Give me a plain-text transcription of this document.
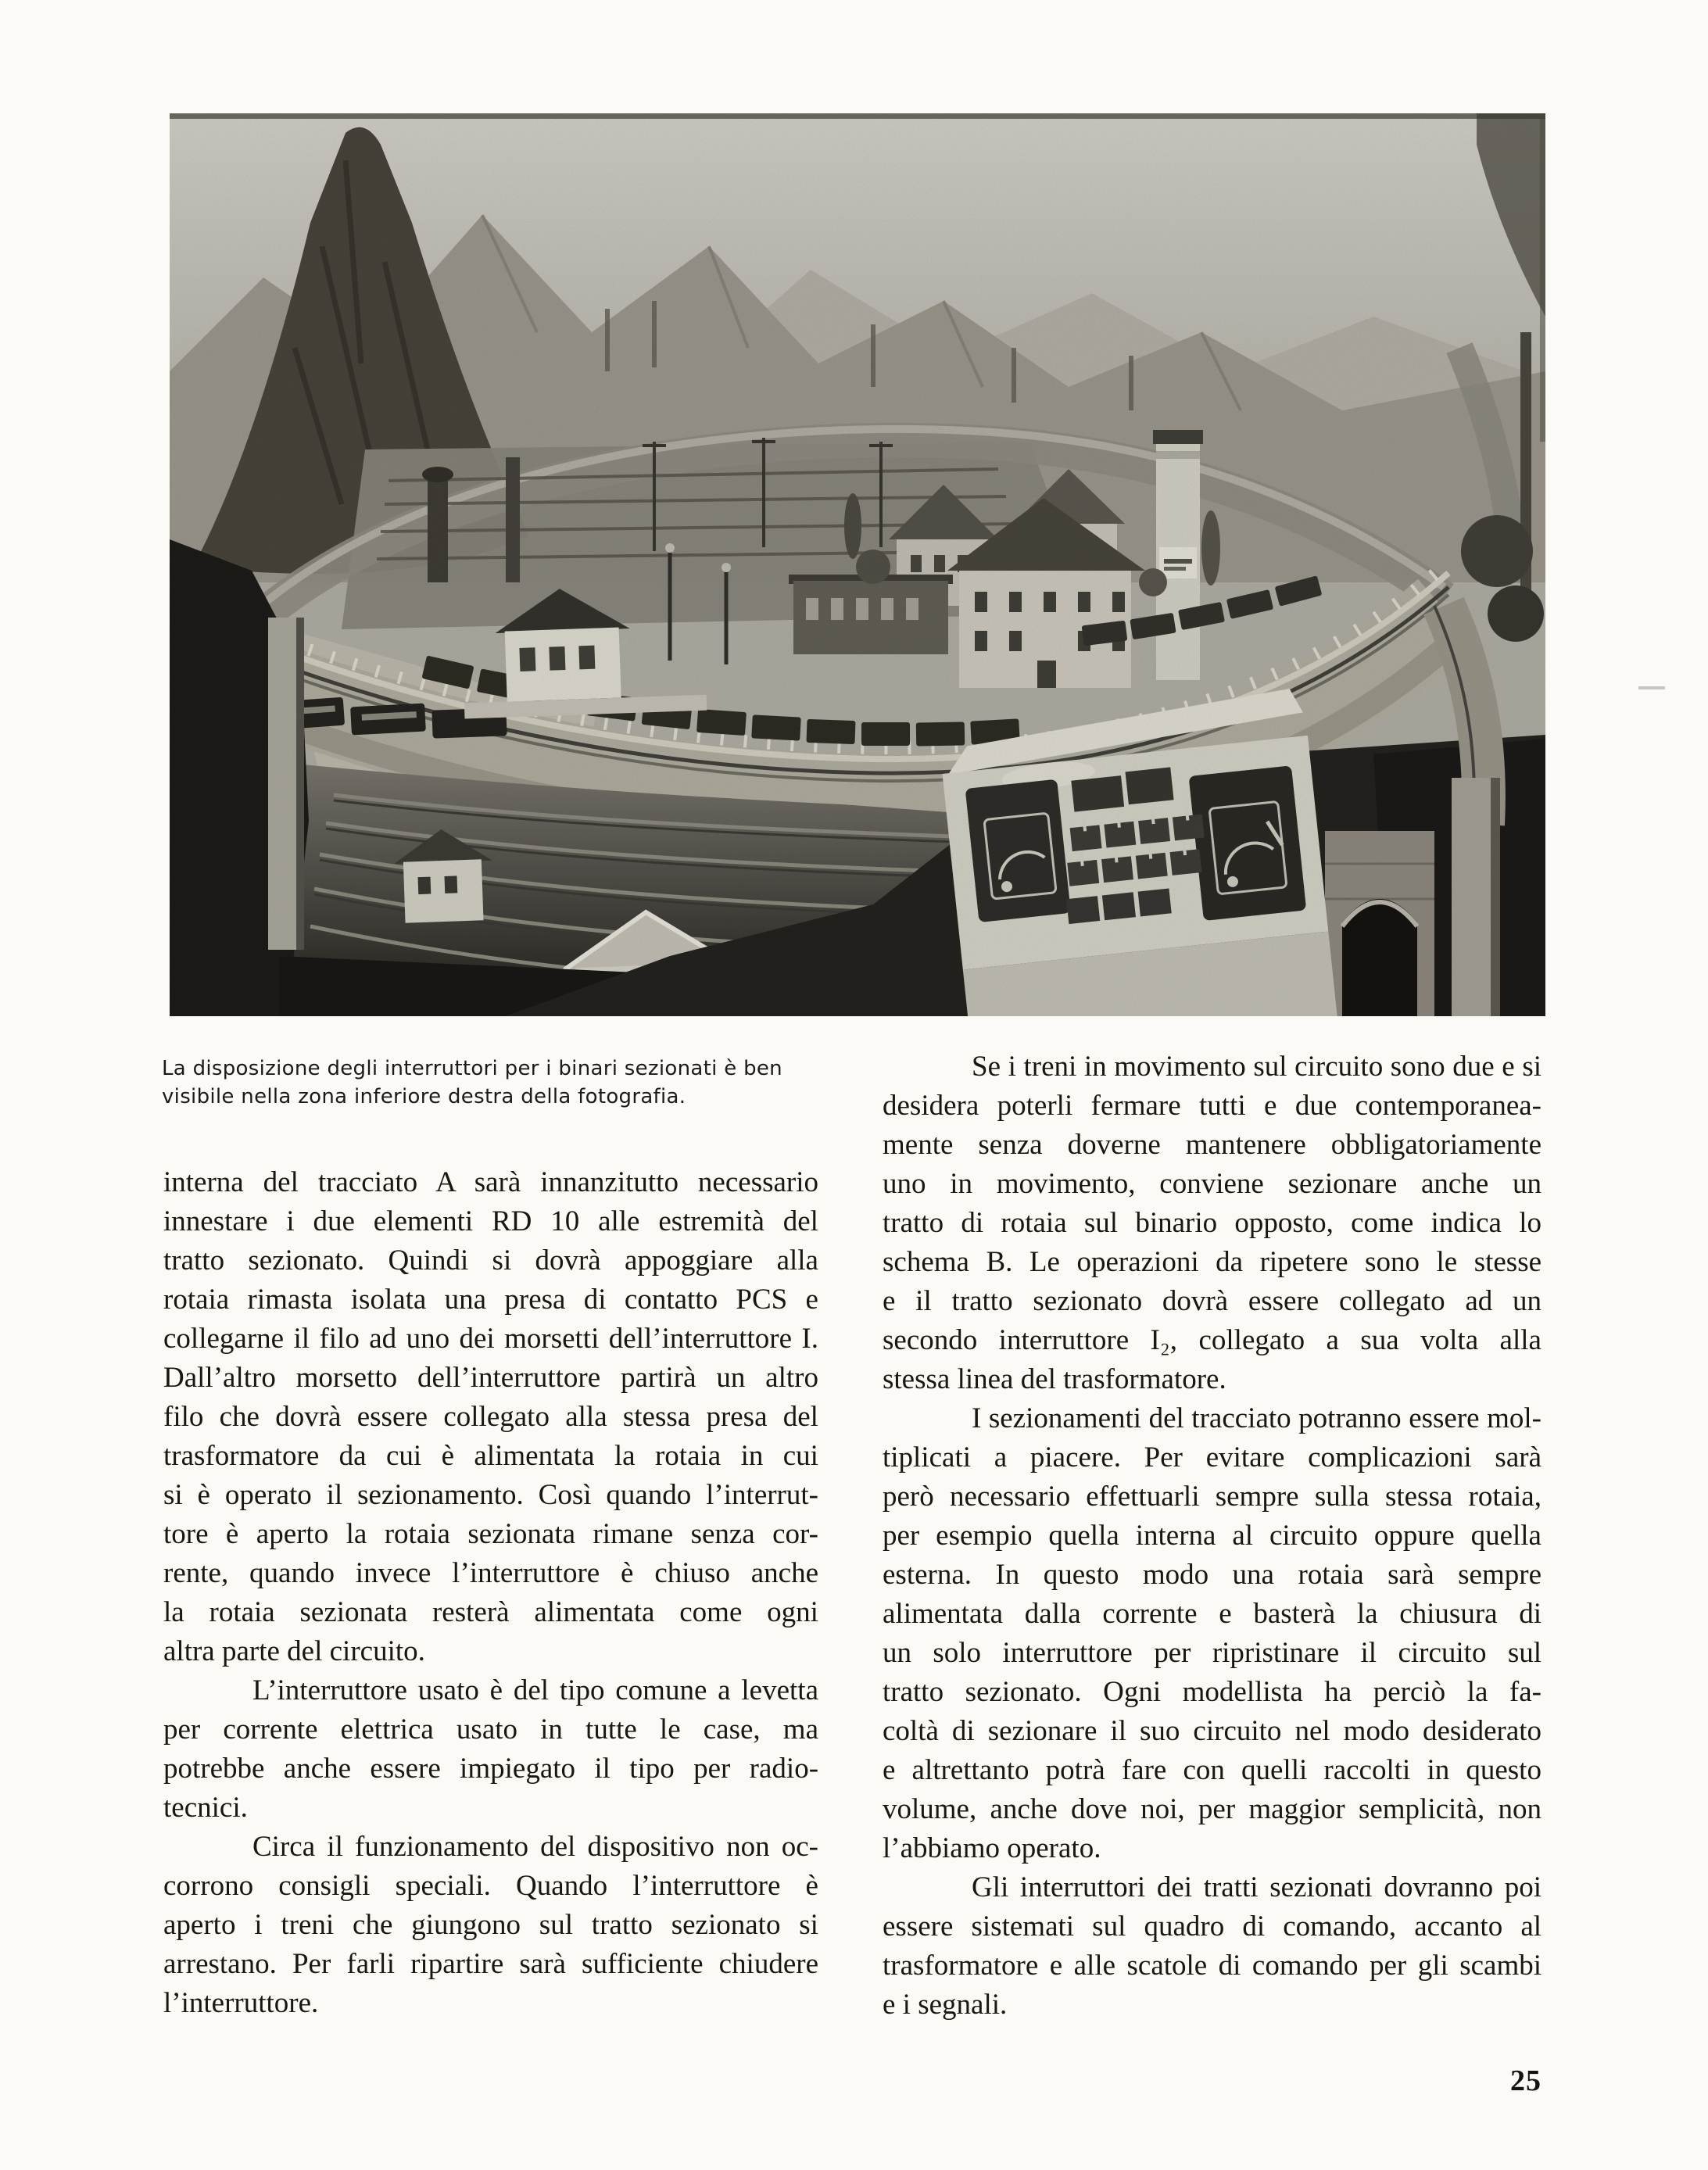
La disposizione degli interruttori per i binari sezionati è ben
visibile nella zona inferiore destra della fotografia.
interna del tracciato A sarà innanzitutto necessario
innestare i due elementi RD 10 alle estremità del
tratto sezionato. Quindi si dovrà appoggiare alla
rotaia rimasta isolata una presa di contatto PCS e
collegarne il filo ad uno dei morsetti dell’interruttore I.
Dall’altro morsetto dell’interruttore partirà un altro
filo che dovrà essere collegato alla stessa presa del
trasformatore da cui è alimentata la rotaia in cui
si è operato il sezionamento. Così quando l’interrut-
tore è aperto la rotaia sezionata rimane senza cor-
rente, quando invece l’interruttore è chiuso anche
la rotaia sezionata resterà alimentata come ogni
altra parte del circuito.
L’interruttore usato è del tipo comune a levetta
per corrente elettrica usato in tutte le case, ma
potrebbe anche essere impiegato il tipo per radio-
tecnici.
Circa il funzionamento del dispositivo non oc-
corrono consigli speciali. Quando l’interruttore è
aperto i treni che giungono sul tratto sezionato si
arrestano. Per farli ripartire sarà sufficiente chiudere
l’interruttore.
Se i treni in movimento sul circuito sono due e si
desidera poterli fermare tutti e due contemporanea-
mente senza doverne mantenere obbligatoriamente
uno in movimento, conviene sezionare anche un
tratto di rotaia sul binario opposto, come indica lo
schema B. Le operazioni da ripetere sono le stesse
e il tratto sezionato dovrà essere collegato ad un
secondo interruttore I₂, collegato a sua volta alla
stessa linea del trasformatore.
I sezionamenti del tracciato potranno essere mol-
tiplicati a piacere. Per evitare complicazioni sarà
però necessario effettuarli sempre sulla stessa rotaia,
per esempio quella interna al circuito oppure quella
esterna. In questo modo una rotaia sarà sempre
alimentata dalla corrente e basterà la chiusura di
un solo interruttore per ripristinare il circuito sul
tratto sezionato. Ogni modellista ha perciò la fa-
coltà di sezionare il suo circuito nel modo desiderato
e altrettanto potrà fare con quelli raccolti in questo
volume, anche dove noi, per maggior semplicità, non
l’abbiamo operato.
Gli interruttori dei tratti sezionati dovranno poi
essere sistemati sul quadro di comando, accanto al
trasformatore e alle scatole di comando per gli scambi
e i segnali.
25
